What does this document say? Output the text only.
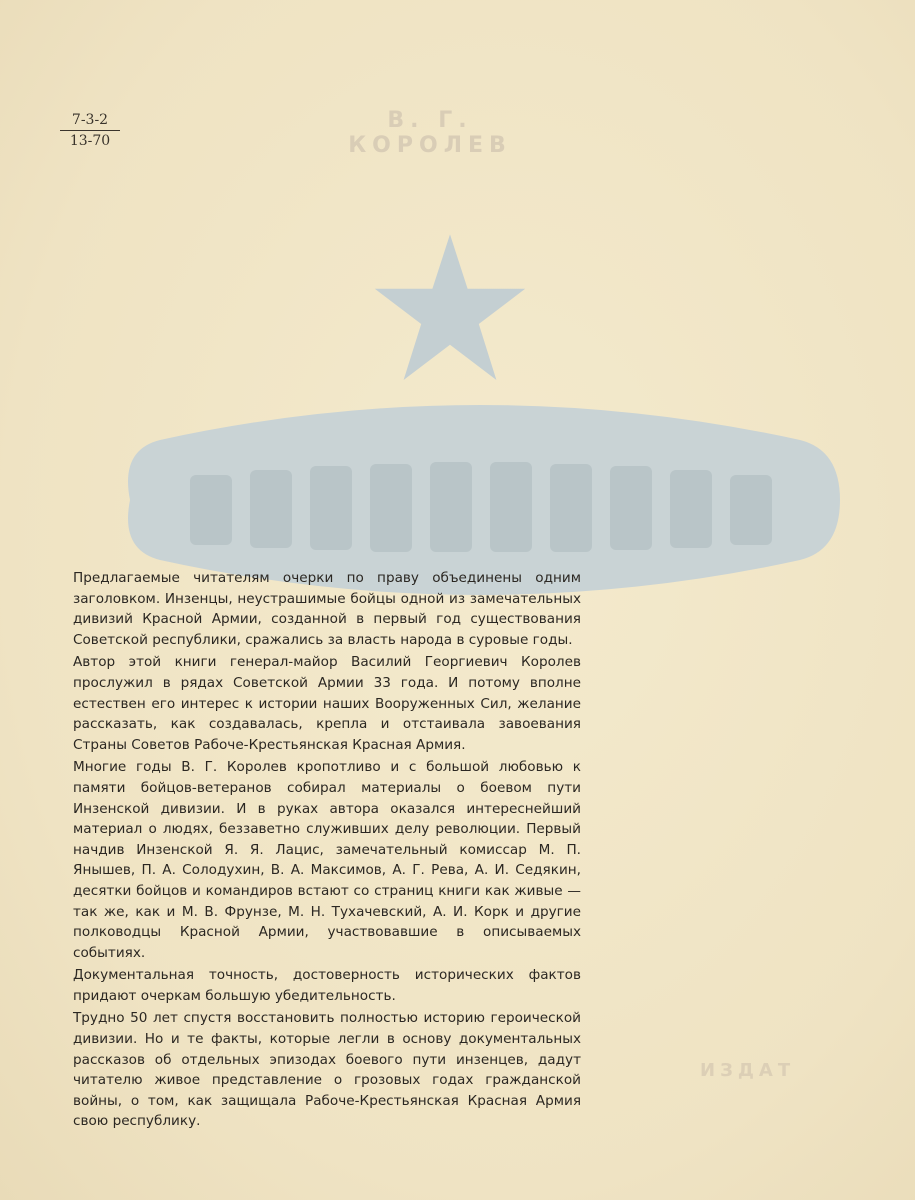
В. Г. КОРОЛЕВ
ИЗДАТ
7-3-2
13-70

Предлагаемые читателям очерки по праву объединены одним заголовком. Инзенцы, неустрашимые бойцы одной из замечательных дивизий Красной Армии, созданной в первый год существования Советской республики, сражались за власть народа в суровые годы.

Автор этой книги генерал-майор Василий Георгиевич Королев прослужил в рядах Советской Армии 33 года. И потому вполне естествен его интерес к истории наших Вооруженных Сил, желание рассказать, как создавалась, крепла и отстаивала завоевания Страны Советов Рабоче-Крестьянская Красная Армия.

Многие годы В. Г. Королев кропотливо и с большой любовью к памяти бойцов-ветеранов собирал материалы о боевом пути Инзенской дивизии. И в руках автора оказался интереснейший материал о людях, беззаветно служивших делу революции. Первый начдив Инзенской Я. Я. Лацис, замечательный комиссар М. П. Янышев, П. А. Солодухин, В. А. Максимов, А. Г. Рева, А. И. Седякин, десятки бойцов и командиров встают со страниц книги как живые — так же, как и М. В. Фрунзе, М. Н. Тухачевский, А. И. Корк и другие полководцы Красной Армии, участвовавшие в описываемых событиях.

Документальная точность, достоверность исторических фактов придают очеркам большую убедительность.

Трудно 50 лет спустя восстановить полностью историю героической дивизии. Но и те факты, которые легли в основу документальных рассказов об отдельных эпизодах боевого пути инзенцев, дадут читателю живое представление о грозовых годах гражданской войны, о том, как защищала Рабоче-Крестьянская Красная Армия свою республику.
